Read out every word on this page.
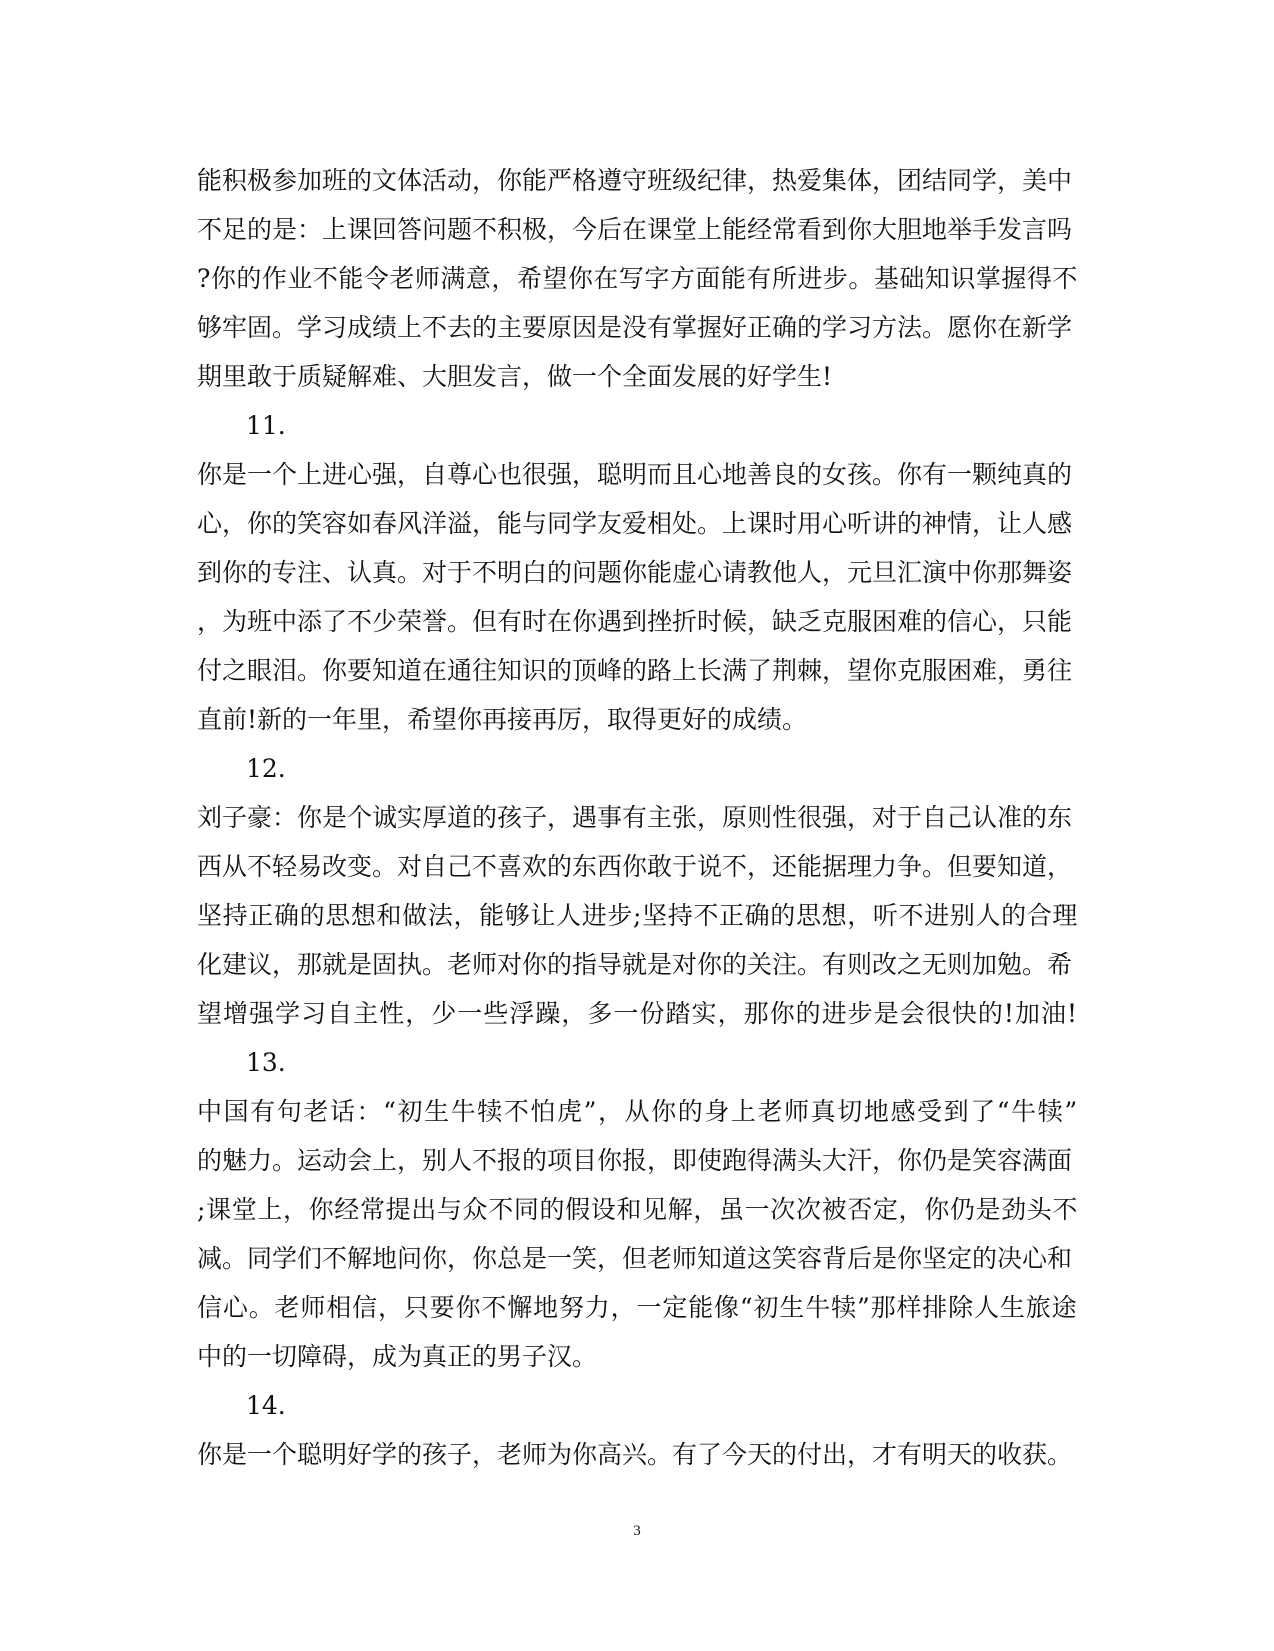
能积极参加班的文体活动，你能严格遵守班级纪律，热爱集体，团结同学，美中
不足的是：上课回答问题不积极，今后在课堂上能经常看到你大胆地举手发言吗
?你的作业不能令老师满意，希望你在写字方面能有所进步。基础知识掌握得不
够牢固。学习成绩上不去的主要原因是没有掌握好正确的学习方法。愿你在新学
期里敢于质疑解难、大胆发言，做一个全面发展的好学生!
11.
你是一个上进心强，自尊心也很强，聪明而且心地善良的女孩。你有一颗纯真的
心，你的笑容如春风洋溢，能与同学友爱相处。上课时用心听讲的神情，让人感
到你的专注、认真。对于不明白的问题你能虚心请教他人，元旦汇演中你那舞姿
，为班中添了不少荣誉。但有时在你遇到挫折时候，缺乏克服困难的信心，只能
付之眼泪。你要知道在通往知识的顶峰的路上长满了荆棘，望你克服困难，勇往
直前!新的一年里，希望你再接再厉，取得更好的成绩。
12.
刘子豪：你是个诚实厚道的孩子，遇事有主张，原则性很强，对于自己认准的东
西从不轻易改变。对自己不喜欢的东西你敢于说不，还能据理力争。但要知道，
坚持正确的思想和做法，能够让人进步;坚持不正确的思想，听不进别人的合理
化建议，那就是固执。老师对你的指导就是对你的关注。有则改之无则加勉。希
望增强学习自主性，少一些浮躁，多一份踏实，那你的进步是会很快的!加油!
13.
中国有句老话：“初生牛犊不怕虎”，从你的身上老师真切地感受到了“牛犊”
的魅力。运动会上，别人不报的项目你报，即使跑得满头大汗，你仍是笑容满面
;课堂上，你经常提出与众不同的假设和见解，虽一次次被否定，你仍是劲头不
减。同学们不解地问你，你总是一笑，但老师知道这笑容背后是你坚定的决心和
信心。老师相信，只要你不懈地努力，一定能像“初生牛犊”那样排除人生旅途
中的一切障碍，成为真正的男子汉。
14.
你是一个聪明好学的孩子，老师为你高兴。有了今天的付出，才有明天的收获。
3
